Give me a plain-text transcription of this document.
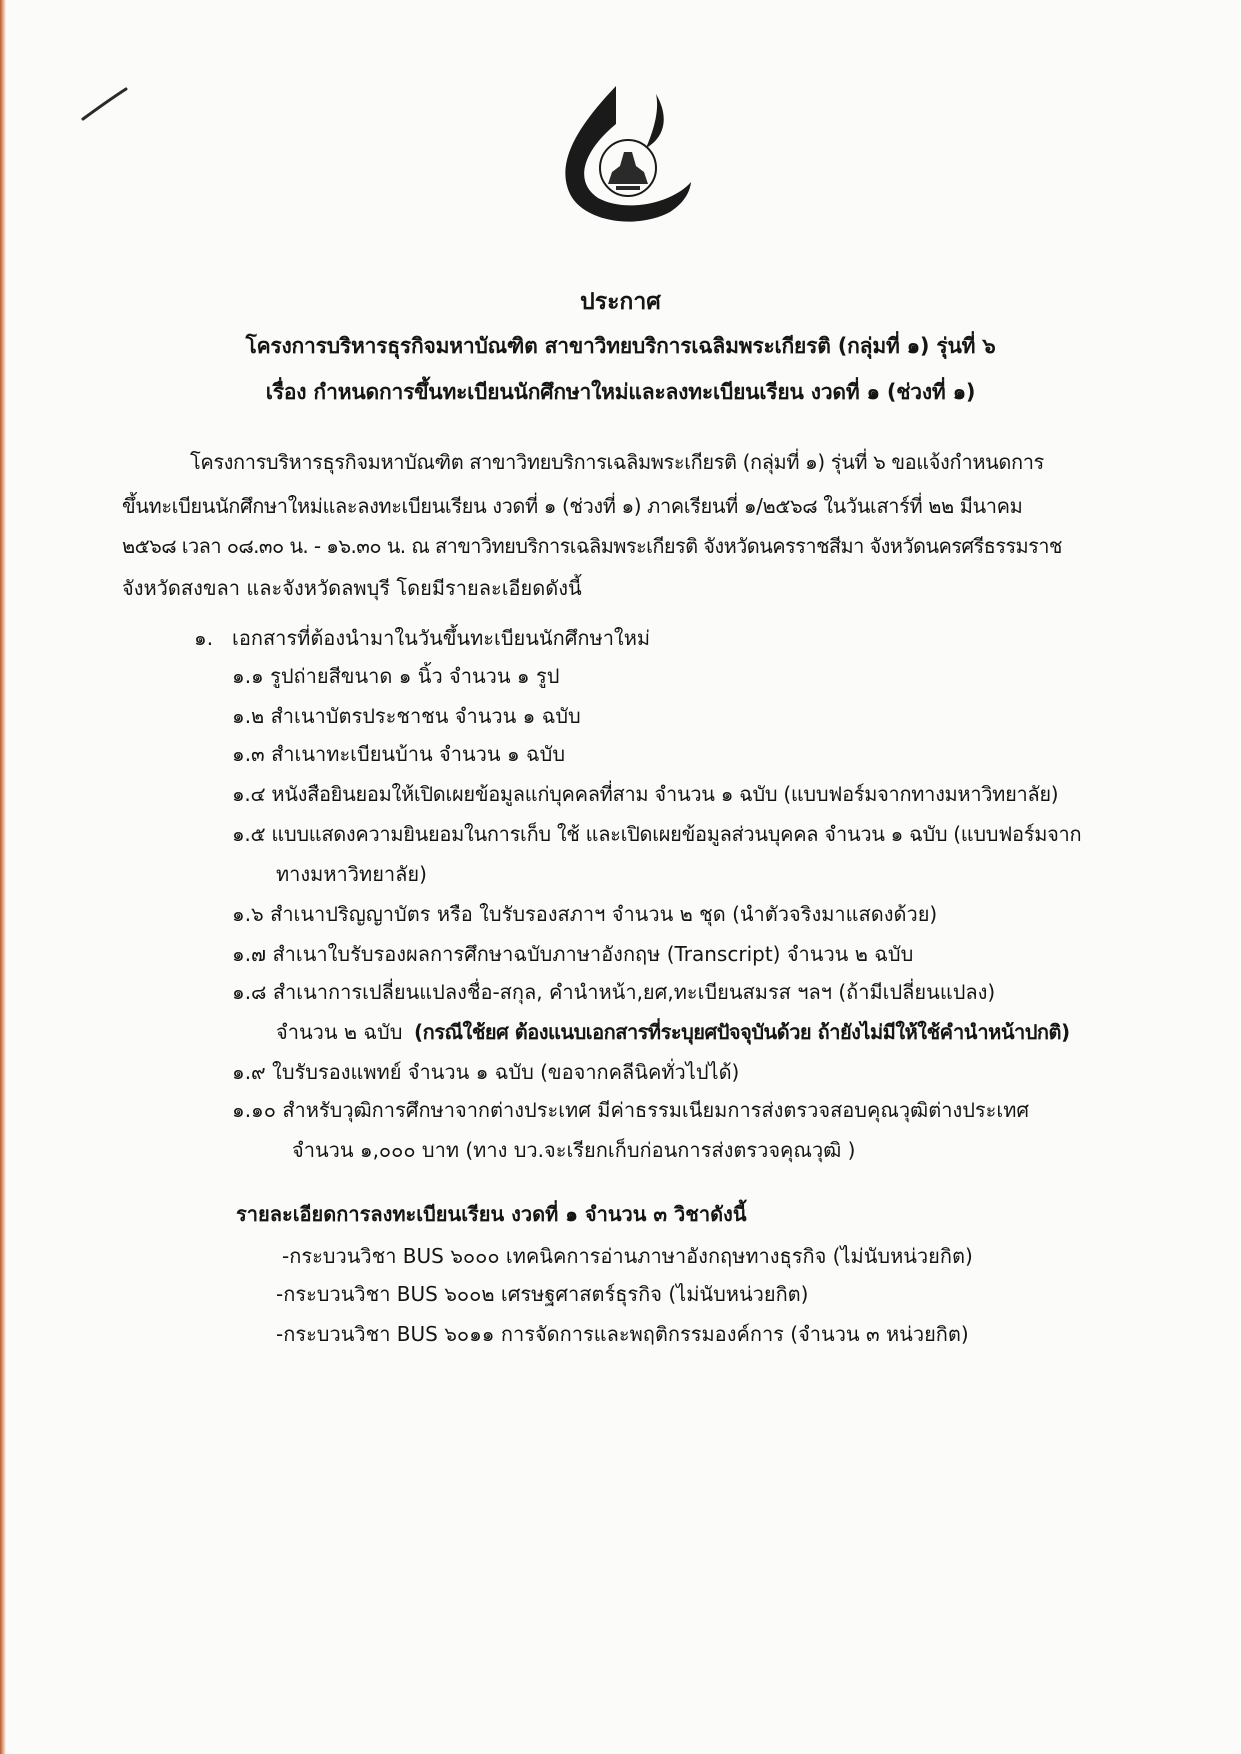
ประกาศ
โครงการบริหารธุรกิจมหาบัณฑิต สาขาวิทยบริการเฉลิมพระเกียรติ (กลุ่มที่ ๑) รุ่นที่ ๖
เรื่อง กำหนดการขึ้นทะเบียนนักศึกษาใหม่และลงทะเบียนเรียน งวดที่ ๑ (ช่วงที่ ๑)
โครงการบริหารธุรกิจมหาบัณฑิต สาขาวิทยบริการเฉลิมพระเกียรติ (กลุ่มที่ ๑) รุ่นที่ ๖ ขอแจ้งกำหนดการ
ขึ้นทะเบียนนักศึกษาใหม่และลงทะเบียนเรียน งวดที่ ๑ (ช่วงที่ ๑) ภาคเรียนที่ ๑/๒๕๖๘ ในวันเสาร์ที่ ๒๒ มีนาคม
๒๕๖๘ เวลา ๐๘.๓๐ น. - ๑๖.๓๐ น. ณ สาขาวิทยบริการเฉลิมพระเกียรติ จังหวัดนครราชสีมา จังหวัดนครศรีธรรมราช
จังหวัดสงขลา และจังหวัดลพบุรี โดยมีรายละเอียดดังนี้
๑. เอกสารที่ต้องนำมาในวันขึ้นทะเบียนนักศึกษาใหม่
๑.๑ รูปถ่ายสีขนาด ๑ นิ้ว จำนวน ๑ รูป
๑.๒ สำเนาบัตรประชาชน จำนวน ๑ ฉบับ
๑.๓ สำเนาทะเบียนบ้าน จำนวน ๑ ฉบับ
๑.๔ หนังสือยินยอมให้เปิดเผยข้อมูลแก่บุคคลที่สาม จำนวน ๑ ฉบับ (แบบฟอร์มจากทางมหาวิทยาลัย)
๑.๕ แบบแสดงความยินยอมในการเก็บ ใช้ และเปิดเผยข้อมูลส่วนบุคคล จำนวน ๑ ฉบับ (แบบฟอร์มจาก
ทางมหาวิทยาลัย)
๑.๖ สำเนาปริญญาบัตร หรือ ใบรับรองสภาฯ จำนวน ๒ ชุด (นำตัวจริงมาแสดงด้วย)
๑.๗ สำเนาใบรับรองผลการศึกษาฉบับภาษาอังกฤษ (Transcript) จำนวน ๒ ฉบับ
๑.๘ สำเนาการเปลี่ยนแปลงชื่อ-สกุล, คำนำหน้า,ยศ,ทะเบียนสมรส ฯลฯ (ถ้ามีเปลี่ยนแปลง)
จำนวน ๒ ฉบับ (กรณีใช้ยศ ต้องแนบเอกสารที่ระบุยศปัจจุบันด้วย ถ้ายังไม่มีให้ใช้คำนำหน้าปกติ)
๑.๙ ใบรับรองแพทย์ จำนวน ๑ ฉบับ (ขอจากคลีนิคทั่วไปได้)
๑.๑๐ สำหรับวุฒิการศึกษาจากต่างประเทศ มีค่าธรรมเนียมการส่งตรวจสอบคุณวุฒิต่างประเทศ
จำนวน ๑,๐๐๐ บาท (ทาง บว.จะเรียกเก็บก่อนการส่งตรวจคุณวุฒิ )
รายละเอียดการลงทะเบียนเรียน งวดที่ ๑ จำนวน ๓ วิชาดังนี้
-กระบวนวิชา BUS ๖๐๐๐ เทคนิคการอ่านภาษาอังกฤษทางธุรกิจ (ไม่นับหน่วยกิต)
-กระบวนวิชา BUS ๖๐๐๒ เศรษฐศาสตร์ธุรกิจ (ไม่นับหน่วยกิต)
-กระบวนวิชา BUS ๖๐๑๑ การจัดการและพฤติกรรมองค์การ (จำนวน ๓ หน่วยกิต)
